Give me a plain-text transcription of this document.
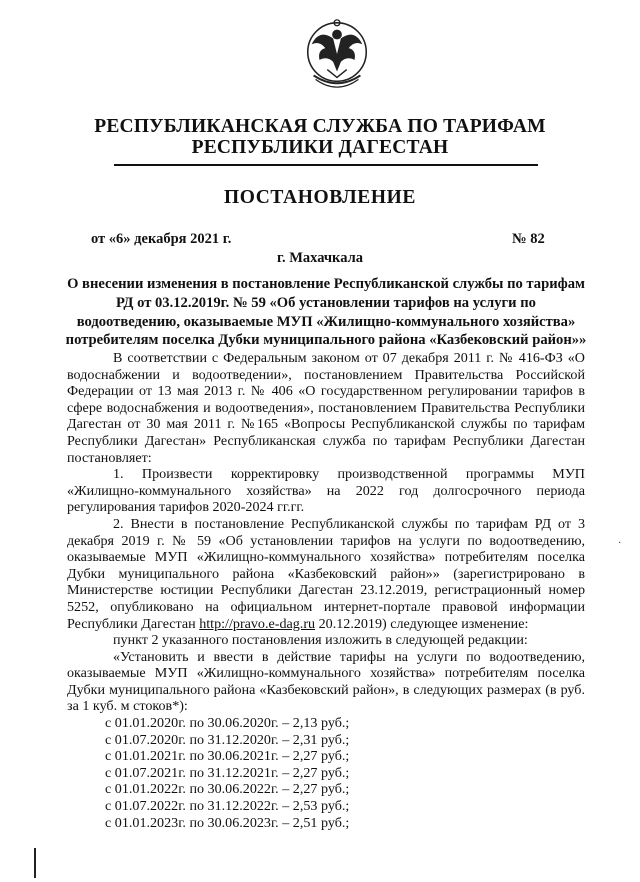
РЕСПУБЛИКАНСКАЯ СЛУЖБА ПО ТАРИФАМ
РЕСПУБЛИКИ ДАГЕСТАН
ПОСТАНОВЛЕНИЕ
от «6» декабря 2021 г.	№ 82
г. Махачкала
О внесении изменения в постановление Республиканской службы по тарифам РД от 03.12.2019г. № 59 «Об установлении тарифов на услуги по водоотведению, оказываемые МУП «Жилищно-коммунального хозяйства» потребителям поселка Дубки муниципального района «Казбековский район»»

В соответствии с Федеральным законом от 07 декабря 2011 г. № 416-ФЗ «О водоснабжении и водоотведении», постановлением Правительства Российской Федерации от 13 мая 2013 г. № 406 «О государственном регулировании тарифов в сфере водоснабжения и водоотведения», постановлением Правительства Республики Дагестан от 30 мая 2011 г. №165 «Вопросы Республиканской службы по тарифам Республики Дагестан» Республиканская служба по тарифам Республики Дагестан постановляет:

1. Произвести корректировку производственной программы МУП «Жилищно-коммунального хозяйства» на 2022 год долгосрочного периода регулирования тарифов 2020-2024 гг.гг.

2. Внести в постановление Республиканской службы по тарифам РД от 3 декабря 2019 г. № 59 «Об установлении тарифов на услуги по водоотведению, оказываемые МУП «Жилищно-коммунального хозяйства» потребителям поселка Дубки муниципального района «Казбековский район»» (зарегистрировано в Министерстве юстиции Республики Дагестан 23.12.2019, регистрационный номер 5252, опубликовано на официальном интернет-портале правовой информации Республики Дагестан http://pravo.e-dag.ru 20.12.2019) следующее изменение:

пункт 2 указанного постановления изложить в следующей редакции:

«Установить и ввести в действие тарифы на услуги по водоотведению, оказываемые МУП «Жилищно-коммунального хозяйства» потребителям поселка Дубки муниципального района «Казбековский район», в следующих размерах (в руб. за 1 куб. м стоков*):

с 01.01.2020г. по 30.06.2020г. – 2,13 руб.;

с 01.07.2020г. по 31.12.2020г. – 2,31 руб.;

с 01.01.2021г. по 30.06.2021г. – 2,27 руб.;

с 01.07.2021г. по 31.12.2021г. – 2,27 руб.;

с 01.01.2022г. по 30.06.2022г. – 2,27 руб.;

с 01.07.2022г. по 31.12.2022г. – 2,53 руб.;

с 01.01.2023г. по 30.06.2023г. – 2,51 руб.;

·
